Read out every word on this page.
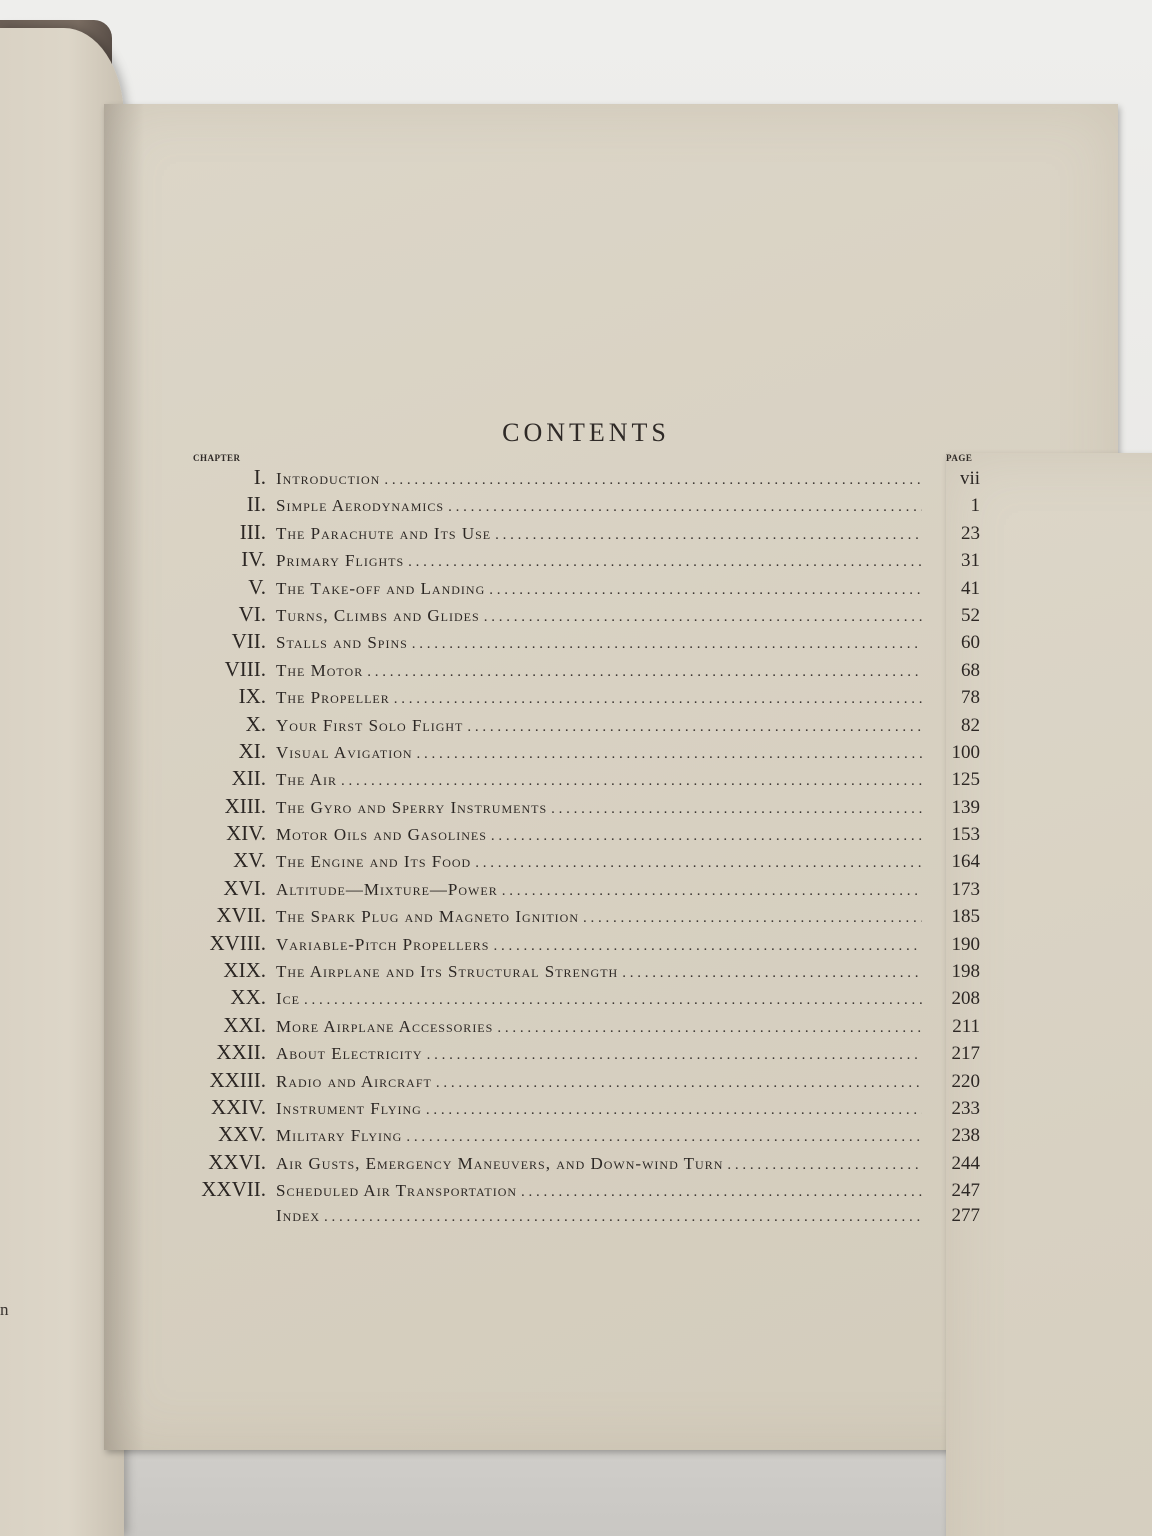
n
CONTENTS
CHAPTER	PAGE
I. Introduction . . .	vii
II. Simple Aerodynamics . . .	1
III. The Parachute and Its Use . . .	23
IV. Primary Flights . . .	31
V. The Take-off and Landing . . .	41
VI. Turns, Climbs and Glides . . .	52
VII. Stalls and Spins . . .	60
VIII. The Motor . . .	68
IX. The Propeller . . .	78
X. Your First Solo Flight . . .	82
XI. Visual Avigation . . .	100
XII. The Air . . .	125
XIII. The Gyro and Sperry Instruments . . .	139
XIV. Motor Oils and Gasolines . . .	153
XV. The Engine and Its Food . . .	164
XVI. Altitude—Mixture—Power . . .	173
XVII. The Spark Plug and Magneto Ignition . . .	185
XVIII. Variable-Pitch Propellers . . .	190
XIX. The Airplane and Its Structural Strength . . .	198
XX. Ice . . .	208
XXI. More Airplane Accessories . . .	211
XXII. About Electricity . . .	217
XXIII. Radio and Aircraft . . .	220
XXIV. Instrument Flying . . .	233
XXV. Military Flying . . .	238
XXVI. Air Gusts, Emergency Maneuvers, and Down-wind Turn . . .	244
XXVII. Scheduled Air Transportation . . .	247
Index . . .	277
